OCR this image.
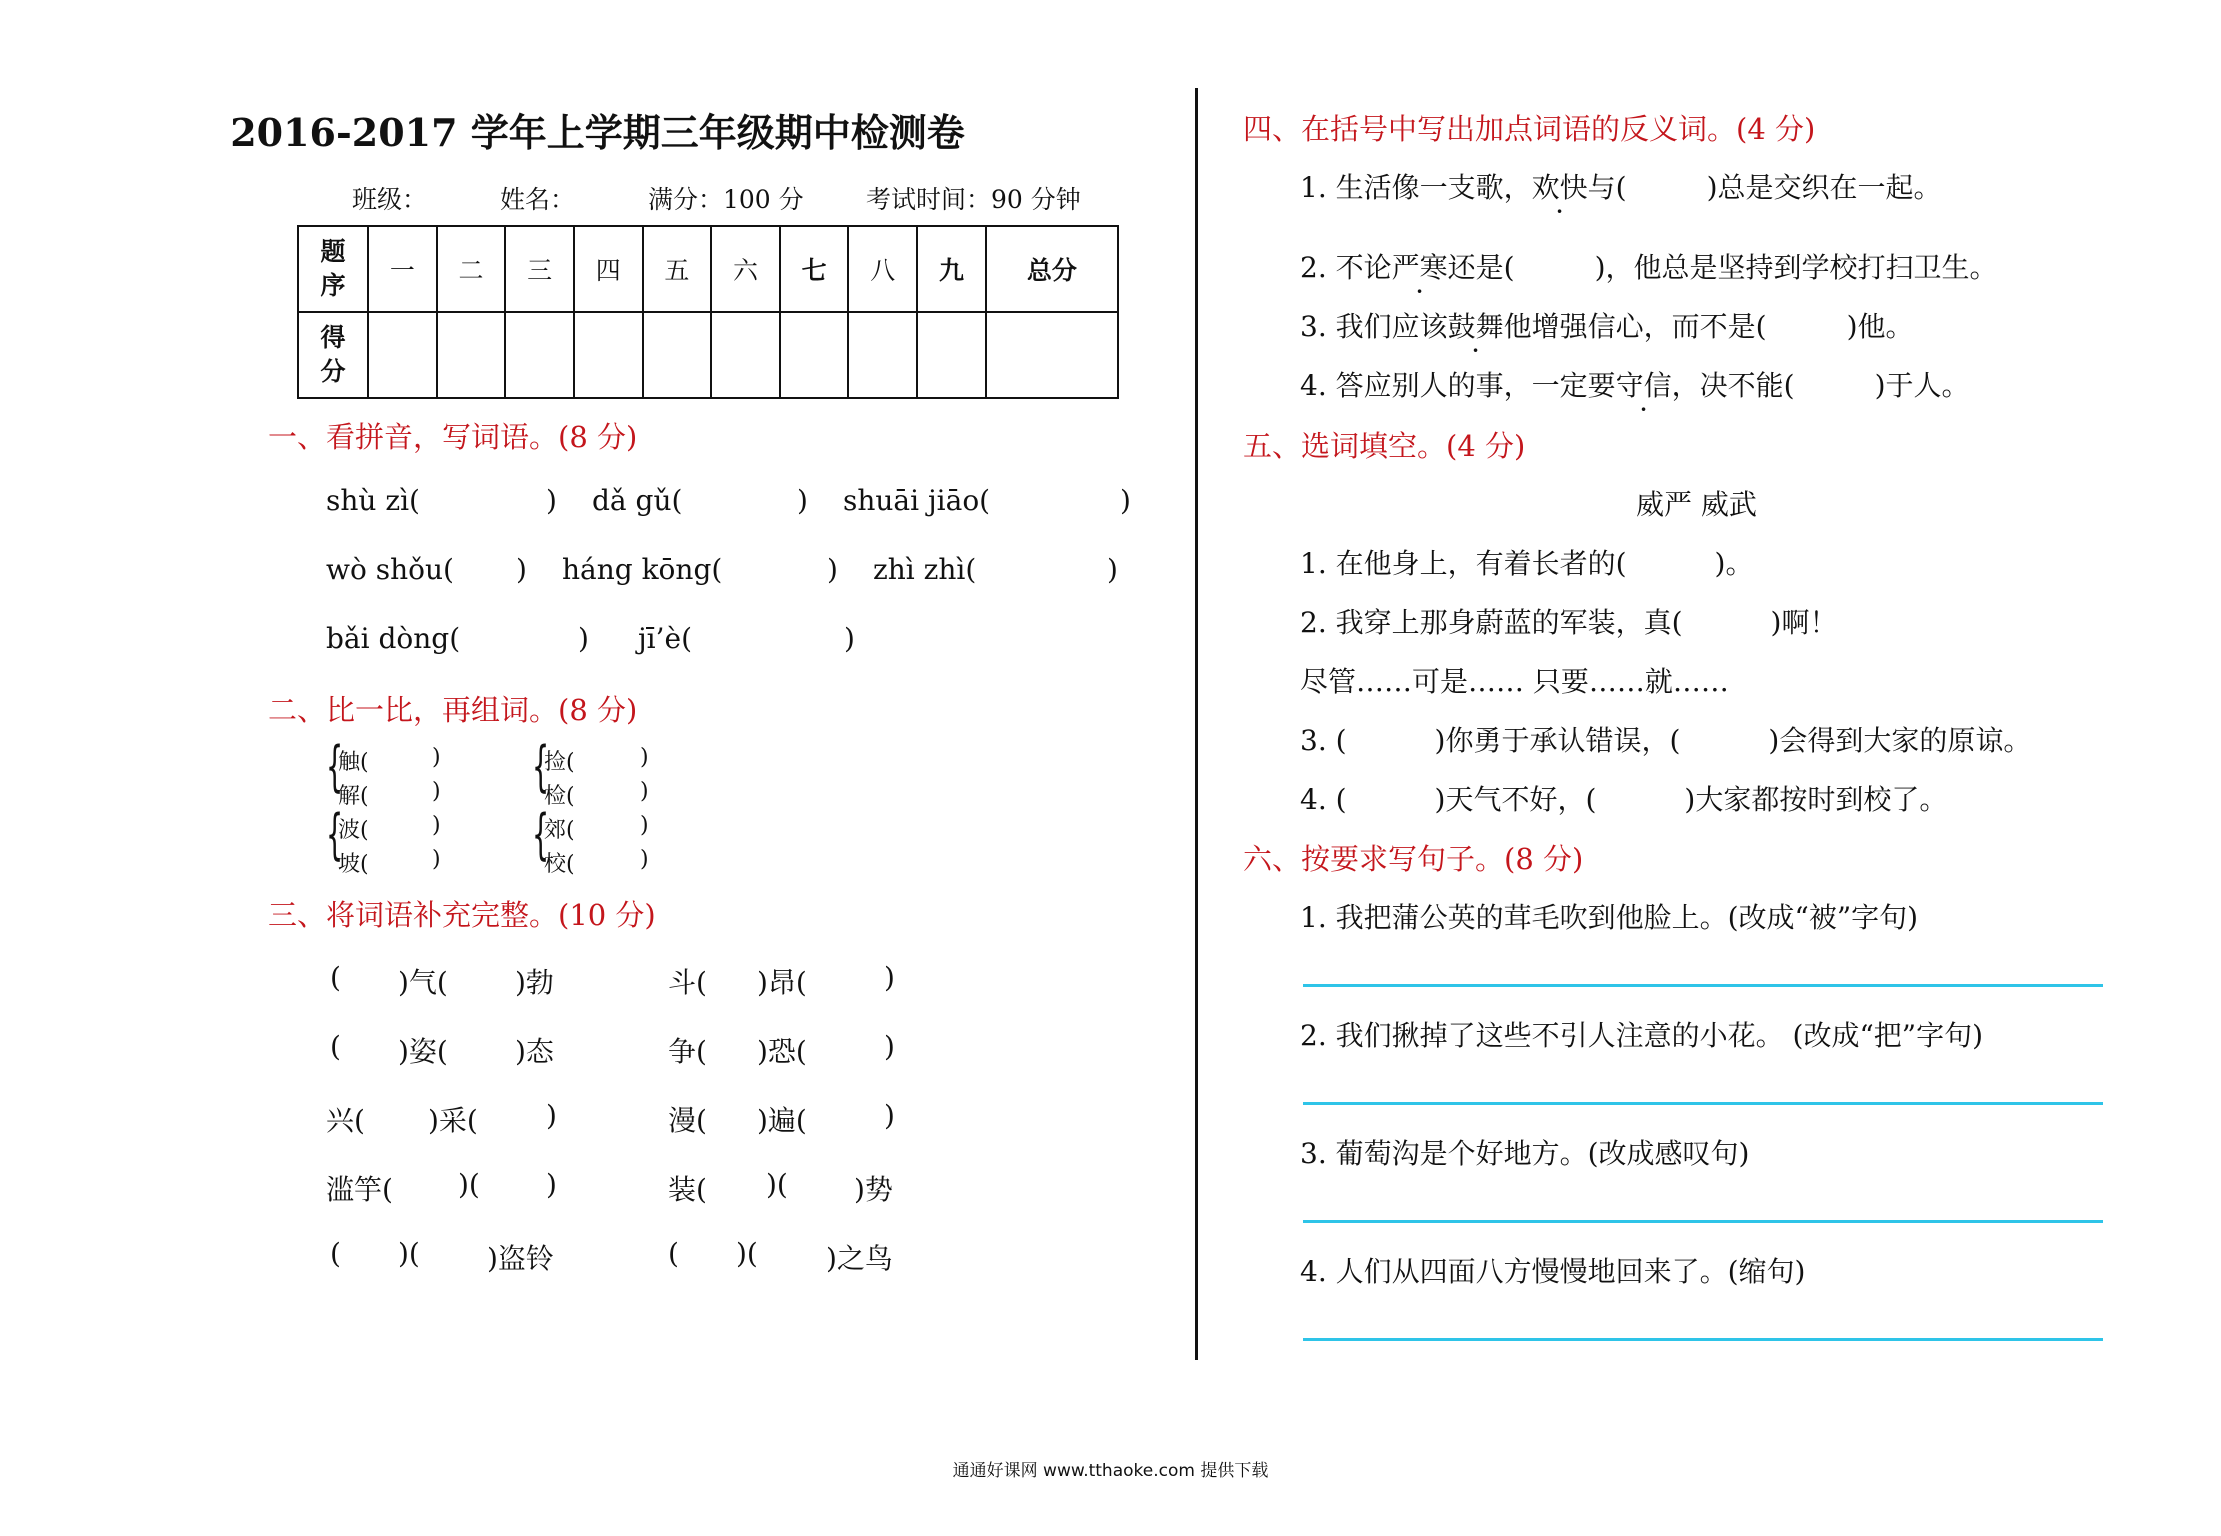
2016-2017 学年上学期三年级期中检测卷
班级：	姓名：	满分：100 分 考试时间：90 分钟
题
序	一	二	三	四	五	六	七	八	九	总分
得
分										
一、看拼音，写词语。(8 分)
shù zì(	) dǎ gǔ(	) shuāi jiāo(	)
wò shǒu( ) háng kōng(	) zhì zhì(	)
bǎi dòng(	) jī’è(	)
二、比一比，再组词。(8 分)
{
{
{
{
触(	)
解(	)
波(	)
坡(	)
捡(	)
检(	)
郊(	)
校(	)
三、将词语补充完整。(10 分)
( )气( )勃	斗( )昂(	)
( )姿( )态	争( )恐(	)
兴( )采( )	漫( )遍(	)
滥竽( )( )	装( )( )势
( )( )盗铃	( )( )之鸟
四、在括号中写出加点词语的反义词。(4 分)
1. 生活像一支歌，欢快与(	)总是交织在一起。
2. 不论严寒还是(	)，他总是坚持到学校打扫卫生。
3. 我们应该鼓舞他增强信心，而不是(	)他。
4. 答应别人的事，一定要守信，决不能(	)于人。
五、选词填空。(4 分)
威严 威武
1. 在他身上，有着长者的(	)。
2. 我穿上那身蔚蓝的军装，真(	)啊！
尽管……可是…… 只要……就……
3. (	)你勇于承认错误，(	)会得到大家的原谅。
4. (	)天气不好，(	)大家都按时到校了。
六、按要求写句子。(8 分)
1. 我把蒲公英的茸毛吹到他脸上。(改成“被”字句)
2. 我们揪掉了这些不引人注意的小花。 (改成“把”字句)
3. 葡萄沟是个好地方。(改成感叹句)
4. 人们从四面八方慢慢地回来了。(缩句)
通通好课网 www.tthaoke.com 提供下载
